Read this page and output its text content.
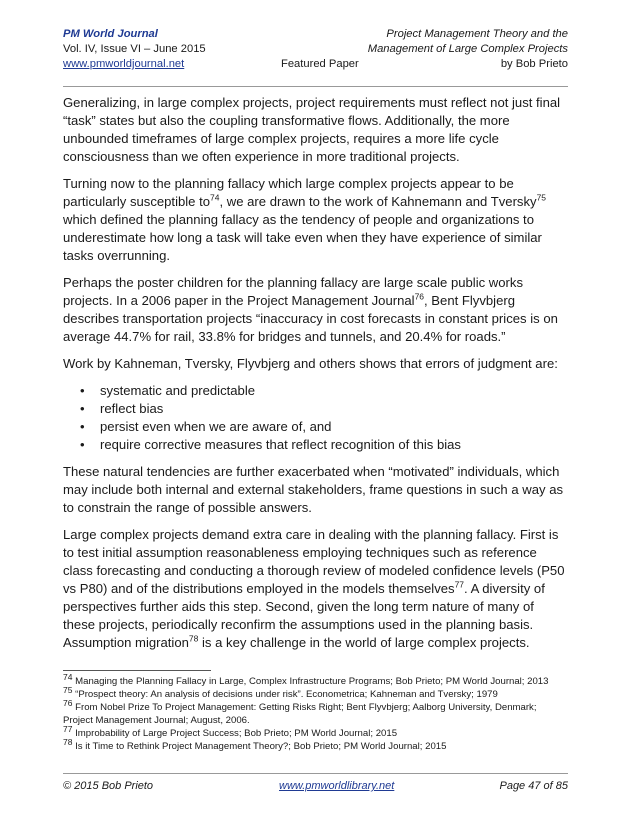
PM World Journal	Project Management Theory and the
Vol. IV, Issue VI – June 2015	Management of Large Complex Projects
www.pmworldjournal.net	Featured Paper	by Bob Prieto

Generalizing, in large complex projects, project requirements must reflect not just final “task” states but also the coupling transformative flows. Additionally, the more unbounded timeframes of large complex projects, requires a more life cycle consciousness than we often experience in more traditional projects.

Turning now to the planning fallacy which large complex projects appear to be particularly susceptible $to^{74}$, we are drawn to the work of Kahnemann and Tversky$^{75}$ which defined the planning fallacy as the tendency of people and organizations to underestimate how long a task will take even when they have experience of similar tasks overrunning.

Perhaps the poster children for the planning fallacy are large scale public works projects. In a 2006 paper in the Project Management Journal$^{76}$, Bent Flyvbjerg describes transportation projects “inaccuracy in cost forecasts in constant prices is on average 44.7% for rail, 33.8% for bridges and tunnels, and 20.4% for roads.”

Work by Kahneman, Tversky, Flyvbjerg and others shows that errors of judgment are:

• systematic and predictable
• reflect bias
• persist even when we are aware of, and
• require corrective measures that reflect recognition of this bias

These natural tendencies are further exacerbated when “motivated” individuals, which may include both internal and external stakeholders, frame questions in such a way as to constrain the range of possible answers.

Large complex projects demand extra care in dealing with the planning fallacy. First is to test initial assumption reasonableness employing techniques such as reference class forecasting and conducting a thorough review of modeled confidence levels (P50 vs P80) and of the distributions employed in the models themselves$^{77}$. A diversity of perspectives further aids this step. Second, given the long term nature of many of these projects, periodically reconfirm the assumptions used in the planning basis. Assumption migration$^{78}$ is a key challenge in the world of large complex projects.

$^{74}$ Managing the Planning Fallacy in Large, Complex Infrastructure Programs; Bob Prieto; PM World Journal; 2013
$^{75}$ “Prospect theory: An analysis of decisions under risk”. Econometrica; Kahneman and Tversky; 1979
$^{76}$ From Nobel Prize To Project Management: Getting Risks Right; Bent Flyvbjerg; Aalborg University, Denmark; Project Management Journal; August, 2006.
$^{77}$ Improbability of Large Project Success; Bob Prieto; PM World Journal; 2015
$^{78}$ Is it Time to Rethink Project Management Theory?; Bob Prieto; PM World Journal; 2015
© 2015 Bob Prieto	www.pmworldlibrary.net	Page 47 of 85
